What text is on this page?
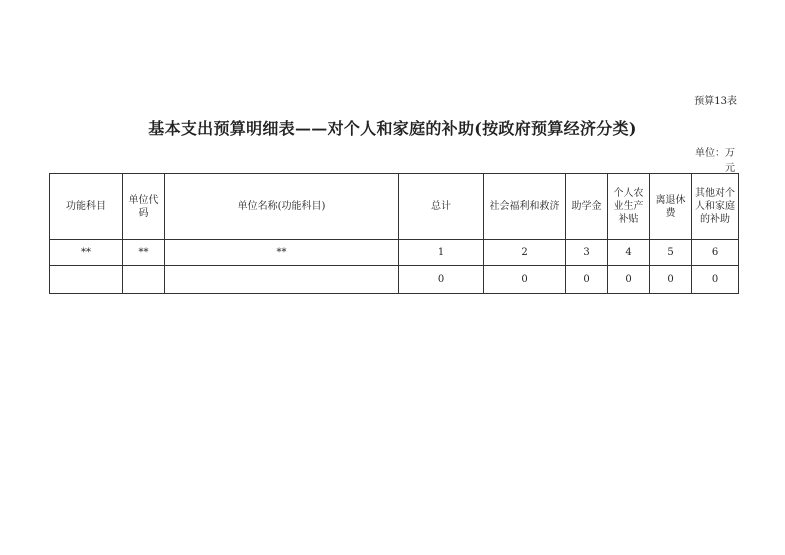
预算13表
基本支出预算明细表——对个人和家庭的补助(按政府预算经济分类)
单位：万
元
功能科目	单位代码	单位名称(功能科目)	总计	社会福利和救济	助学金	个人农业生产补贴	离退休费	其他对个人和家庭的补助
**	**	**	1	2	3	4	5	6
			0	0	0	0	0	0
